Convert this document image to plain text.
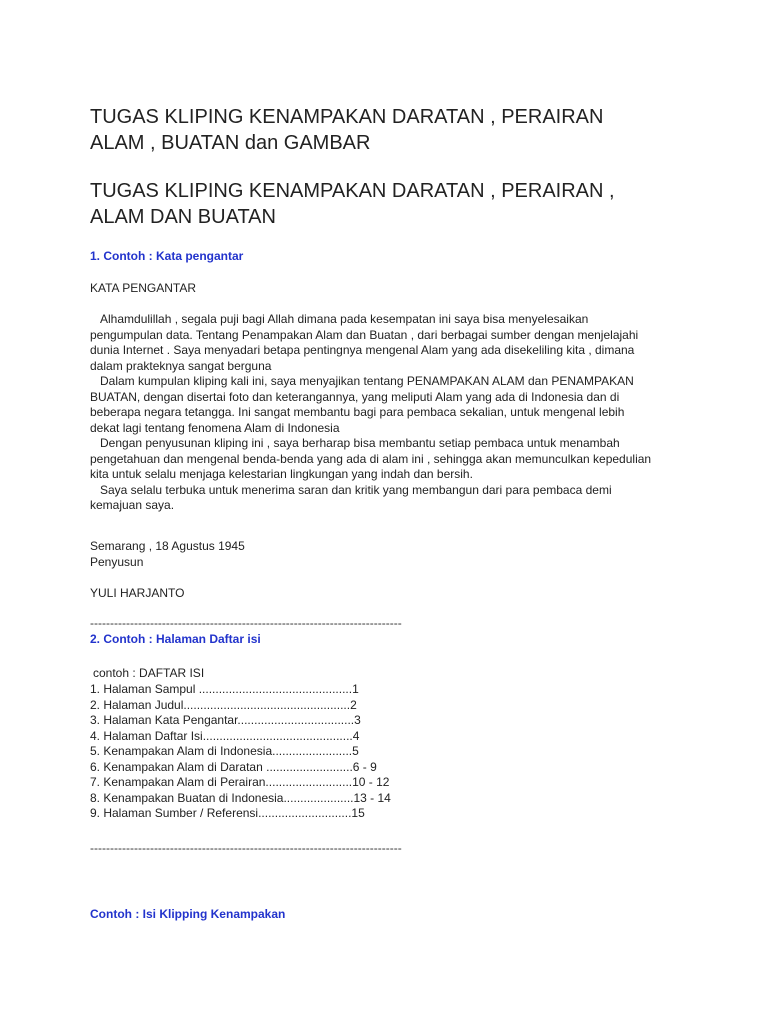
TUGAS KLIPING KENAMPAKAN DARATAN , PERAIRAN
ALAM , BUATAN dan GAMBAR
TUGAS KLIPING KENAMPAKAN DARATAN , PERAIRAN ,
ALAM DAN BUATAN
1. Contoh : Kata pengantar
KATA PENGANTAR
Alhamdulillah , segala puji bagi Allah dimana pada kesempatan ini saya bisa menyelesaikan
pengumpulan data. Tentang Penampakan Alam dan Buatan , dari berbagai sumber dengan menjelajahi
dunia Internet . Saya menyadari betapa pentingnya mengenal Alam yang ada disekeliling kita , dimana
dalam prakteknya sangat berguna
Dalam kumpulan kliping kali ini, saya menyajikan tentang PENAMPAKAN ALAM dan PENAMPAKAN
BUATAN, dengan disertai foto dan keterangannya, yang meliputi Alam yang ada di Indonesia dan di
beberapa negara tetangga. Ini sangat membantu bagi para pembaca sekalian, untuk mengenal lebih
dekat lagi tentang fenomena Alam di Indonesia
Dengan penyusunan kliping ini , saya berharap bisa membantu setiap pembaca untuk menambah
pengetahuan dan mengenal benda-benda yang ada di alam ini , sehingga akan memunculkan kepedulian
kita untuk selalu menjaga kelestarian lingkungan yang indah dan bersih.
Saya selalu terbuka untuk menerima saran dan kritik yang membangun dari para pembaca demi
kemajuan saya.
Semarang , 18 Agustus 1945
Penyusun
YULI HARJANTO
------------------------------------------------------------------------------
2. Contoh : Halaman Daftar isi
contoh : DAFTAR ISI
1. Halaman Sampul ..............................................1
2. Halaman Judul..................................................2
3. Halaman Kata Pengantar...................................3
4. Halaman Daftar Isi.............................................4
5. Kenampakan Alam di Indonesia........................5
6. Kenampakan Alam di Daratan ..........................6 - 9
7. Kenampakan Alam di Perairan..........................10 - 12
8. Kenampakan Buatan di Indonesia.....................13 - 14
9. Halaman Sumber / Referensi............................15
------------------------------------------------------------------------------
Contoh : Isi Klipping Kenampakan
